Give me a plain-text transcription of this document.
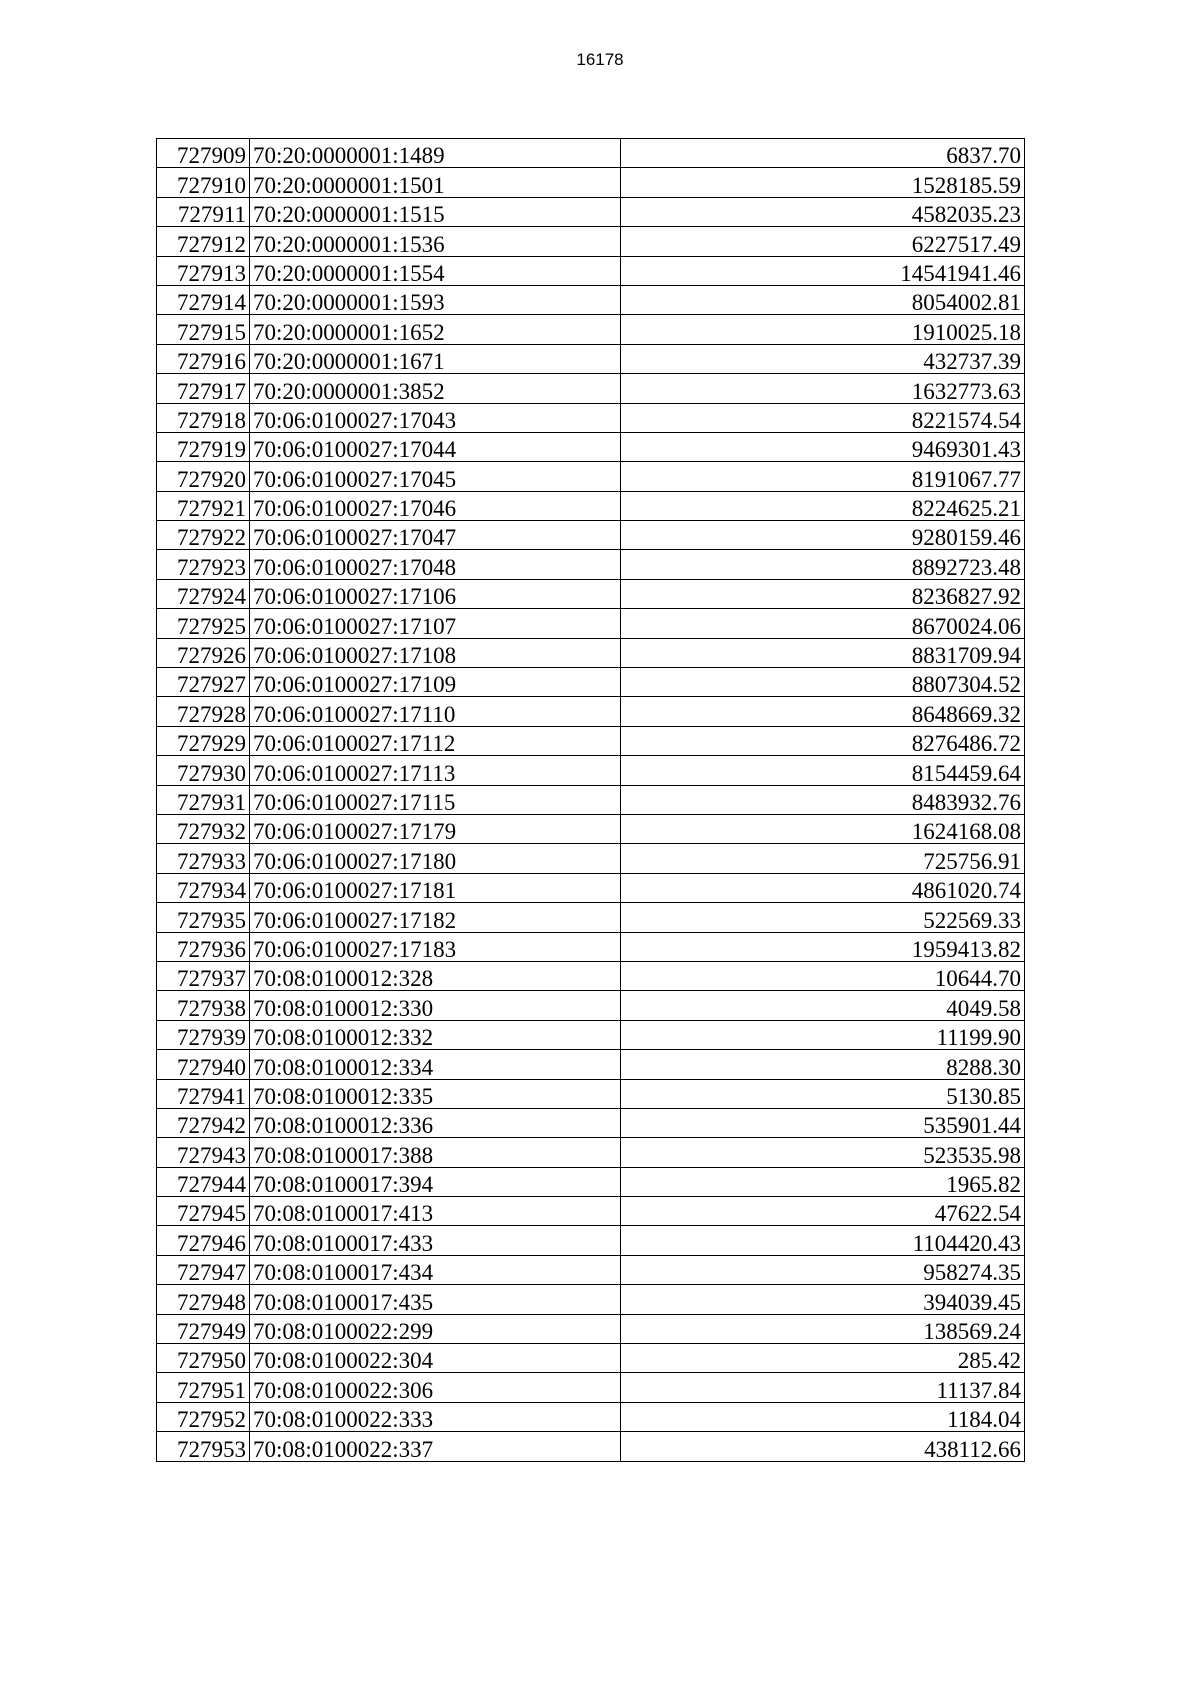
16178
727909	70:20:0000001:1489	6837.70
727910	70:20:0000001:1501	1528185.59
727911	70:20:0000001:1515	4582035.23
727912	70:20:0000001:1536	6227517.49
727913	70:20:0000001:1554	14541941.46
727914	70:20:0000001:1593	8054002.81
727915	70:20:0000001:1652	1910025.18
727916	70:20:0000001:1671	432737.39
727917	70:20:0000001:3852	1632773.63
727918	70:06:0100027:17043	8221574.54
727919	70:06:0100027:17044	9469301.43
727920	70:06:0100027:17045	8191067.77
727921	70:06:0100027:17046	8224625.21
727922	70:06:0100027:17047	9280159.46
727923	70:06:0100027:17048	8892723.48
727924	70:06:0100027:17106	8236827.92
727925	70:06:0100027:17107	8670024.06
727926	70:06:0100027:17108	8831709.94
727927	70:06:0100027:17109	8807304.52
727928	70:06:0100027:17110	8648669.32
727929	70:06:0100027:17112	8276486.72
727930	70:06:0100027:17113	8154459.64
727931	70:06:0100027:17115	8483932.76
727932	70:06:0100027:17179	1624168.08
727933	70:06:0100027:17180	725756.91
727934	70:06:0100027:17181	4861020.74
727935	70:06:0100027:17182	522569.33
727936	70:06:0100027:17183	1959413.82
727937	70:08:0100012:328	10644.70
727938	70:08:0100012:330	4049.58
727939	70:08:0100012:332	11199.90
727940	70:08:0100012:334	8288.30
727941	70:08:0100012:335	5130.85
727942	70:08:0100012:336	535901.44
727943	70:08:0100017:388	523535.98
727944	70:08:0100017:394	1965.82
727945	70:08:0100017:413	47622.54
727946	70:08:0100017:433	1104420.43
727947	70:08:0100017:434	958274.35
727948	70:08:0100017:435	394039.45
727949	70:08:0100022:299	138569.24
727950	70:08:0100022:304	285.42
727951	70:08:0100022:306	11137.84
727952	70:08:0100022:333	1184.04
727953	70:08:0100022:337	438112.66
